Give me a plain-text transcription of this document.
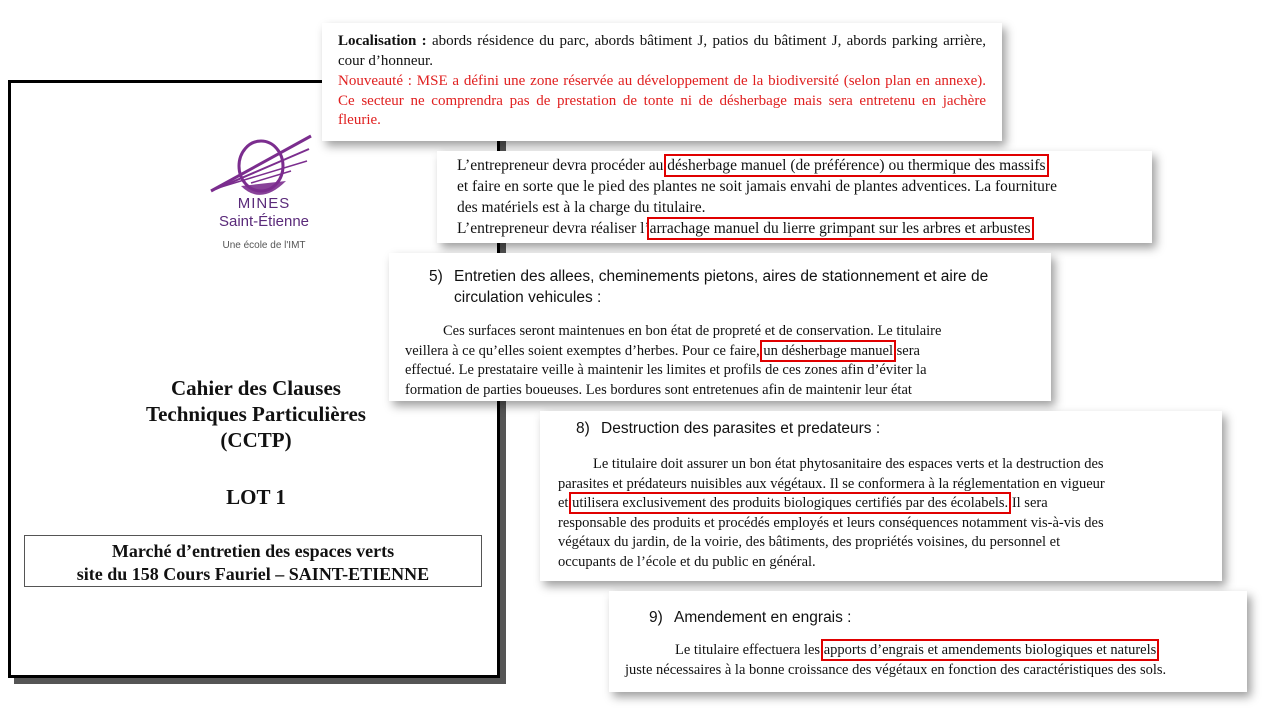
MINES
Saint-Étienne
Une école de l'IMT
Cahier des Clauses
Techniques Particulières
(CCTP)
LOT 1
Marché d’entretien des espaces verts
site du 158 Cours Fauriel – SAINT-ETIENNE
Localisation : abords résidence du parc, abords bâtiment J, patios du bâtiment J, abords parking arrière, cour d’honneur.
Nouveauté : MSE a défini une zone réservée au développement de la biodiversité (selon plan en annexe). Ce secteur ne comprendra pas de prestation de tonte ni de désherbage mais sera entretenu en jachère fleurie.
L’entrepreneur devra procéder au désherbage manuel (de préférence) ou thermique des massifs
et faire en sorte que le pied des plantes ne soit jamais envahi de plantes adventices. La fourniture
des matériels est à la charge du titulaire.
L’entrepreneur devra réaliser l’arrachage manuel du lierre grimpant sur les arbres et arbustes
5) Entretien des allees, cheminements pietons, aires de stationnement et aire de
circulation vehicules :
Ces surfaces seront maintenues en bon état de propreté et de conservation. Le titulaire
veillera à ce qu’elles soient exemptes d’herbes. Pour ce faire, un désherbage manuel sera
effectué. Le prestataire veille à maintenir les limites et profils de ces zones afin d’éviter la
formation de parties boueuses. Les bordures sont entretenues afin de maintenir leur état
8) Destruction des parasites et predateurs :
Le titulaire doit assurer un bon état phytosanitaire des espaces verts et la destruction des
parasites et prédateurs nuisibles aux végétaux. Il se conformera à la réglementation en vigueur
et utilisera exclusivement des produits biologiques certifiés par des écolabels. Il sera
responsable des produits et procédés employés et leurs conséquences notamment vis-à-vis des
végétaux du jardin, de la voirie, des bâtiments, des propriétés voisines, du personnel et
occupants de l’école et du public en général.
9) Amendement en engrais :
Le titulaire effectuera les apports d’engrais et amendements biologiques et naturels
juste nécessaires à la bonne croissance des végétaux en fonction des caractéristiques des sols.
